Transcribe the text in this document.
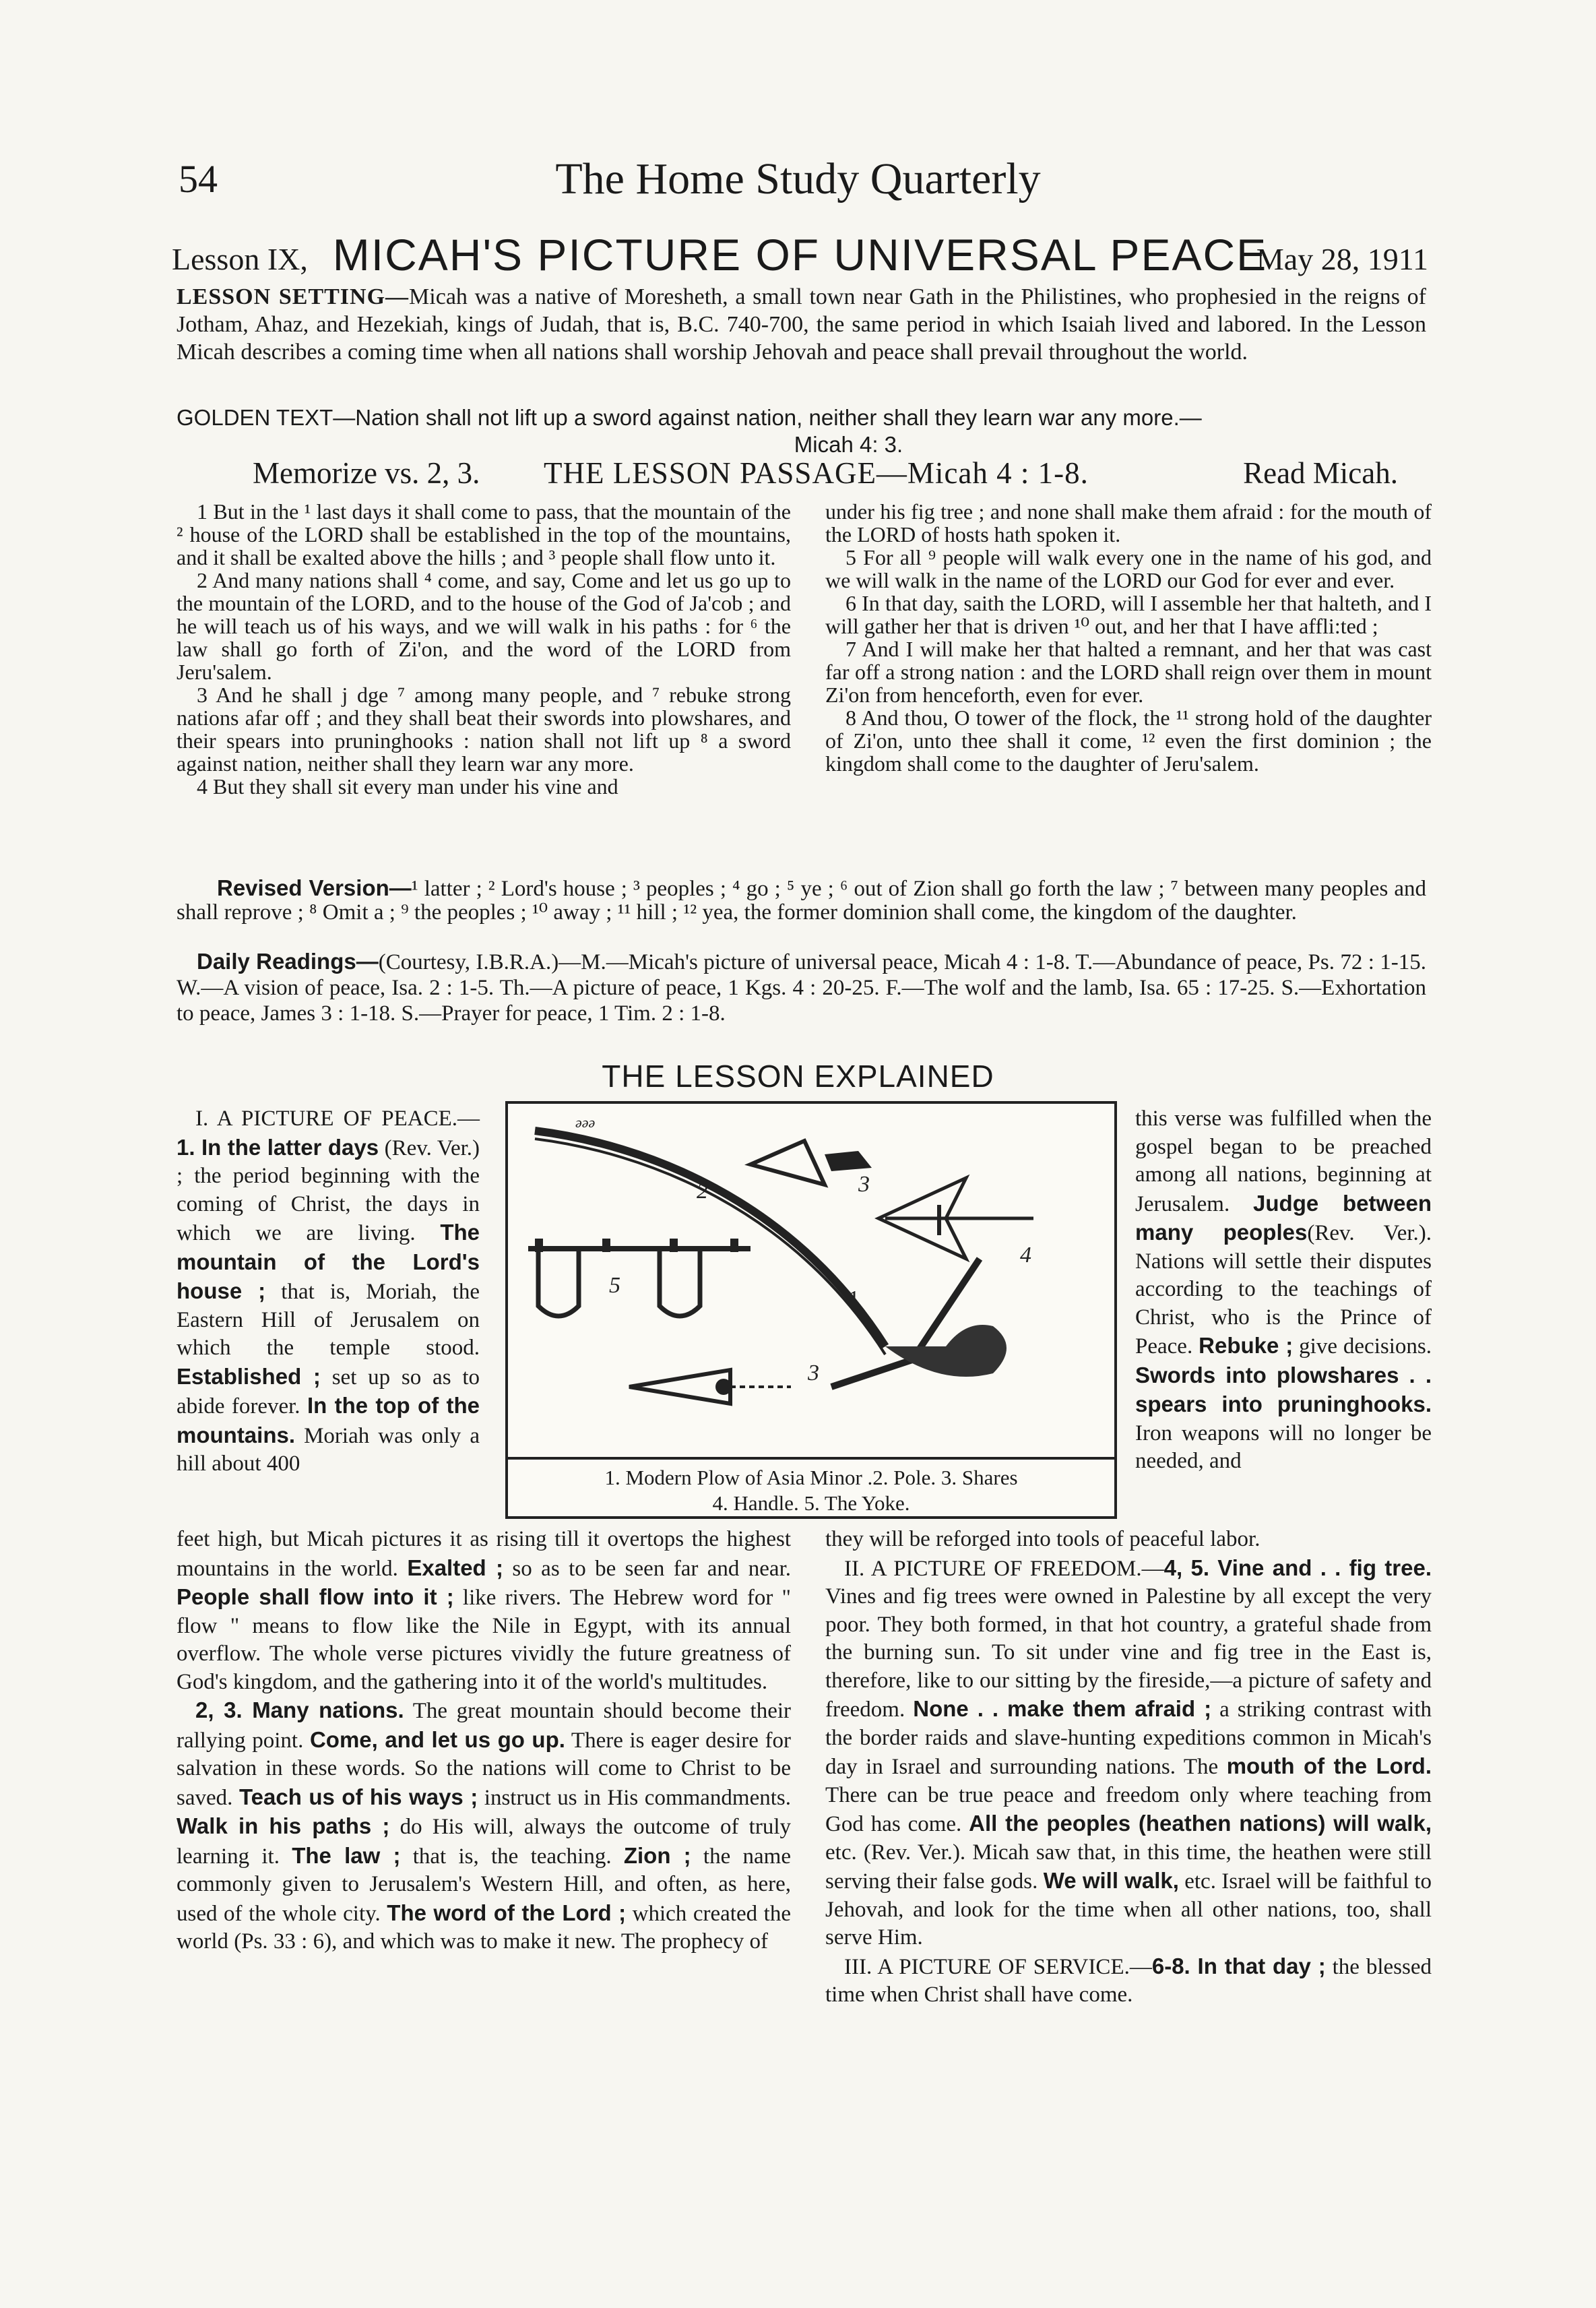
54	The Home Study Quarterly
Lesson IX, MICAH'S PICTURE OF UNIVERSAL PEACE
May 28, 1911
LESSON SETTING—Micah was a native of Moresheth, a small town near Gath in the Philistines, who prophesied in the reigns of Jotham, Ahaz, and Hezekiah, kings of Judah, that is, B.C. 740-700, the same period in which Isaiah lived and labored. In the Lesson Micah describes a coming time when all nations shall worship Jehovah and peace shall prevail throughout the world.
GOLDEN TEXT—Nation shall not lift up a sword against nation, neither shall they learn war any more.—
Micah 4: 3.
Memorize vs. 2, 3. THE LESSON PASSAGE—Micah 4 : 1-8.	Read Micah.

1 But in the ¹ last days it shall come to pass, that the mountain of the ² house of the LORD shall be established in the top of the mountains, and it shall be exalted above the hills ; and ³ people shall flow unto it.

2 And many nations shall ⁴ come, and say, Come and let us go up to the mountain of the LORD, and to the house of the God of Ja'cob ; and he will teach us of his ways, and we will walk in his paths : for ⁶ the law shall go forth of Zi'on, and the word of the LORD from Jeru'salem.

3 And he shall j dge ⁷ among many people, and ⁷ rebuke strong nations afar off ; and they shall beat their swords into plowshares, and their spears into pruninghooks : nation shall not lift up ⁸ a sword against nation, neither shall they learn war any more.

4 But they shall sit every man under his vine and

under his fig tree ; and none shall make them afraid : for the mouth of the LORD of hosts hath spoken it.

5 For all ⁹ people will walk every one in the name of his god, and we will walk in the name of the LORD our God for ever and ever.

6 In that day, saith the LORD, will I assemble her that halteth, and I will gather her that is driven ¹⁰ out, and her that I have affli:ted ;

7 And I will make her that halted a remnant, and her that was cast far off a strong nation : and the LORD shall reign over them in mount Zi'on from henceforth, even for ever.

8 And thou, O tower of the flock, the ¹¹ strong hold of the daughter of Zi'on, unto thee shall it come, ¹² even the first dominion ; the kingdom shall come to the daughter of Jeru'salem.

Revised Version—¹ latter ; ² Lord's house ; ³ peoples ; ⁴ go ; ⁵ ye ; ⁶ out of Zion shall go forth the law ; ⁷ between many peoples and shall reprove ; ⁸ Omit a ; ⁹ the peoples ; ¹⁰ away ; ¹¹ hill ; ¹² yea, the former dominion shall come, the kingdom of the daughter.
Daily Readings—(Courtesy, I.B.R.A.)—M.—Micah's picture of universal peace, Micah 4 : 1-8. T.—Abundance of peace, Ps. 72 : 1-15. W.—A vision of peace, Isa. 2 : 1-5. Th.—A picture of peace, 1 Kgs. 4 : 20-25. F.—The wolf and the lamb, Isa. 65 : 17-25. S.—Exhortation to peace, James 3 : 1-18. S.—Prayer for peace, 1 Tim. 2 : 1-8.
THE LESSON EXPLAINED
ǝǝǝ
2	3
4
5
1
3
1. Modern Plow of Asia Minor .2. Pole. 3. Shares
4. Handle. 5. The Yoke.

I. A PICTURE OF PEACE.—1. In the latter days (Rev. Ver.) ; the period beginning with the coming of Christ, the days in which we are living. The mountain of the Lord's house ; that is, Moriah, the Eastern Hill of Jerusalem on which the temple stood. Established ; set up so as to abide forever. In the top of the mountains. Moriah was only a hill about 400

this verse was fulfilled when the gospel began to be preached among all nations, beginning at Jerusalem. Judge between many peoples(Rev. Ver.). Nations will settle their disputes according to the teachings of Christ, who is the Prince of Peace. Rebuke ; give decisions. Swords into plowshares . . spears into pruninghooks. Iron weapons will no longer be needed, and

feet high, but Micah pictures it as rising till it overtops the highest mountains in the world. Exalted ; so as to be seen far and near. People shall flow into it ; like rivers. The Hebrew word for " flow " means to flow like the Nile in Egypt, with its annual overflow. The whole verse pictures vividly the future greatness of God's kingdom, and the gathering into it of the world's multitudes.

2, 3. Many nations. The great mountain should become their rallying point. Come, and let us go up. There is eager desire for salvation in these words. So the nations will come to Christ to be saved. Teach us of his ways ; instruct us in His commandments. Walk in his paths ; do His will, always the outcome of truly learning it. The law ; that is, the teaching. Zion ; the name commonly given to Jerusalem's Western Hill, and often, as here, used of the whole city. The word of the Lord ; which created the world (Ps. 33 : 6), and which was to make it new. The prophecy of

they will be reforged into tools of peaceful labor.

II. A PICTURE OF FREEDOM.—4, 5. Vine and . . fig tree. Vines and fig trees were owned in Palestine by all except the very poor. They both formed, in that hot country, a grateful shade from the burning sun. To sit under vine and fig tree in the East is, therefore, like to our sitting by the fireside,—a picture of safety and freedom. None . . make them afraid ; a striking contrast with the border raids and slave-hunting expeditions common in Micah's day in Israel and surrounding nations. The mouth of the Lord. There can be true peace and freedom only where teaching from God has come. All the peoples (heathen nations) will walk, etc. (Rev. Ver.). Micah saw that, in this time, the heathen were still serving their false gods. We will walk, etc. Israel will be faithful to Jehovah, and look for the time when all other nations, too, shall serve Him.

III. A PICTURE OF SERVICE.—6-8. In that day ; the blessed time when Christ shall have come.
